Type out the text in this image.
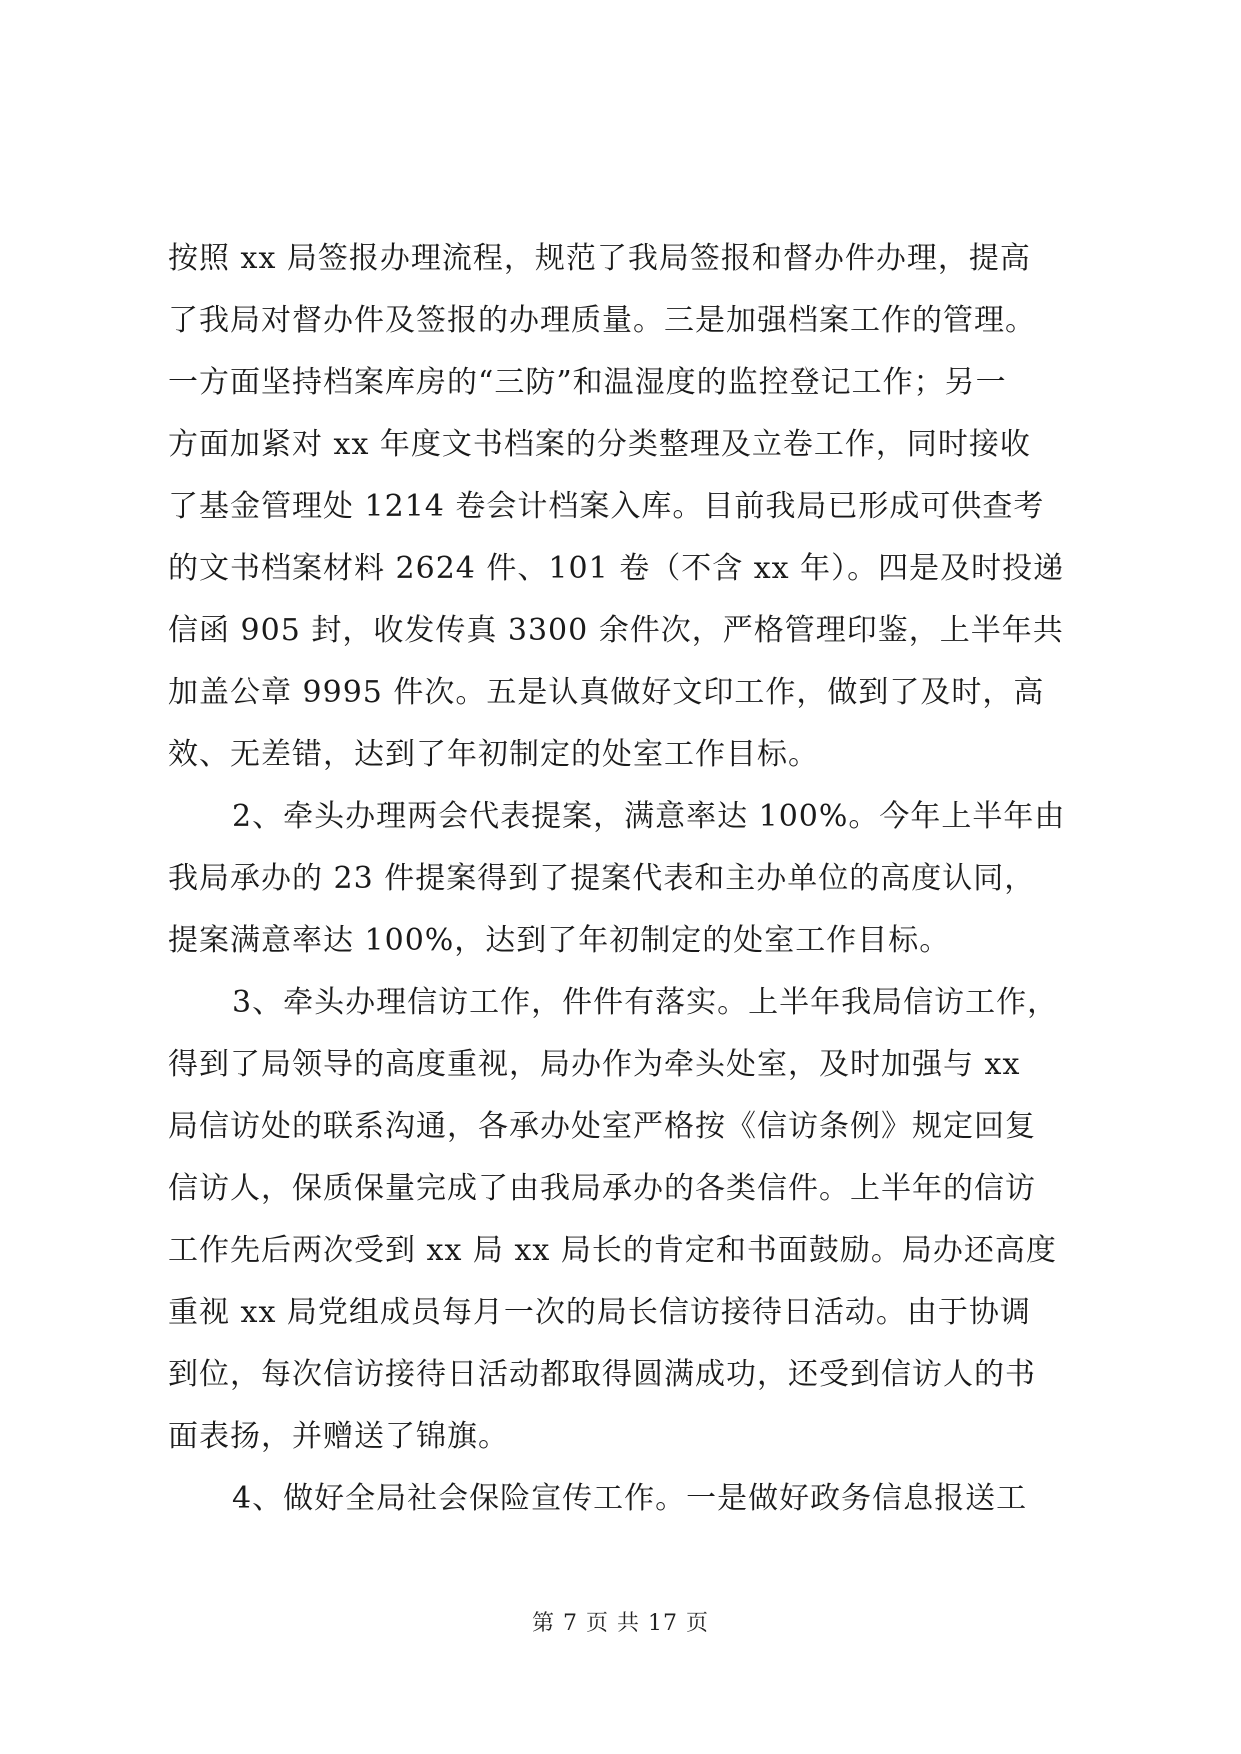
按照 xx 局签报办理流程，规范了我局签报和督办件办理，提高
了我局对督办件及签报的办理质量。三是加强档案工作的管理。
一方面坚持档案库房的“三防”和温湿度的监控登记工作；另一
方面加紧对 xx 年度文书档案的分类整理及立卷工作，同时接收
了基金管理处 1214 卷会计档案入库。目前我局已形成可供查考
的文书档案材料 2624 件、101 卷（不含 xx 年）。四是及时投递
信函 905 封，收发传真 3300 余件次，严格管理印鉴，上半年共
加盖公章 9995 件次。五是认真做好文印工作，做到了及时，高
效、无差错，达到了年初制定的处室工作目标。
2、牵头办理两会代表提案，满意率达 100%。今年上半年由
我局承办的 23 件提案得到了提案代表和主办单位的高度认同，
提案满意率达 100%，达到了年初制定的处室工作目标。
3、牵头办理信访工作，件件有落实。上半年我局信访工作，
得到了局领导的高度重视，局办作为牵头处室，及时加强与 xx
局信访处的联系沟通，各承办处室严格按《信访条例》规定回复
信访人，保质保量完成了由我局承办的各类信件。上半年的信访
工作先后两次受到 xx 局 xx 局长的肯定和书面鼓励。局办还高度
重视 xx 局党组成员每月一次的局长信访接待日活动。由于协调
到位，每次信访接待日活动都取得圆满成功，还受到信访人的书
面表扬，并赠送了锦旗。
4、做好全局社会保险宣传工作。一是做好政务信息报送工
第 7 页 共 17 页
